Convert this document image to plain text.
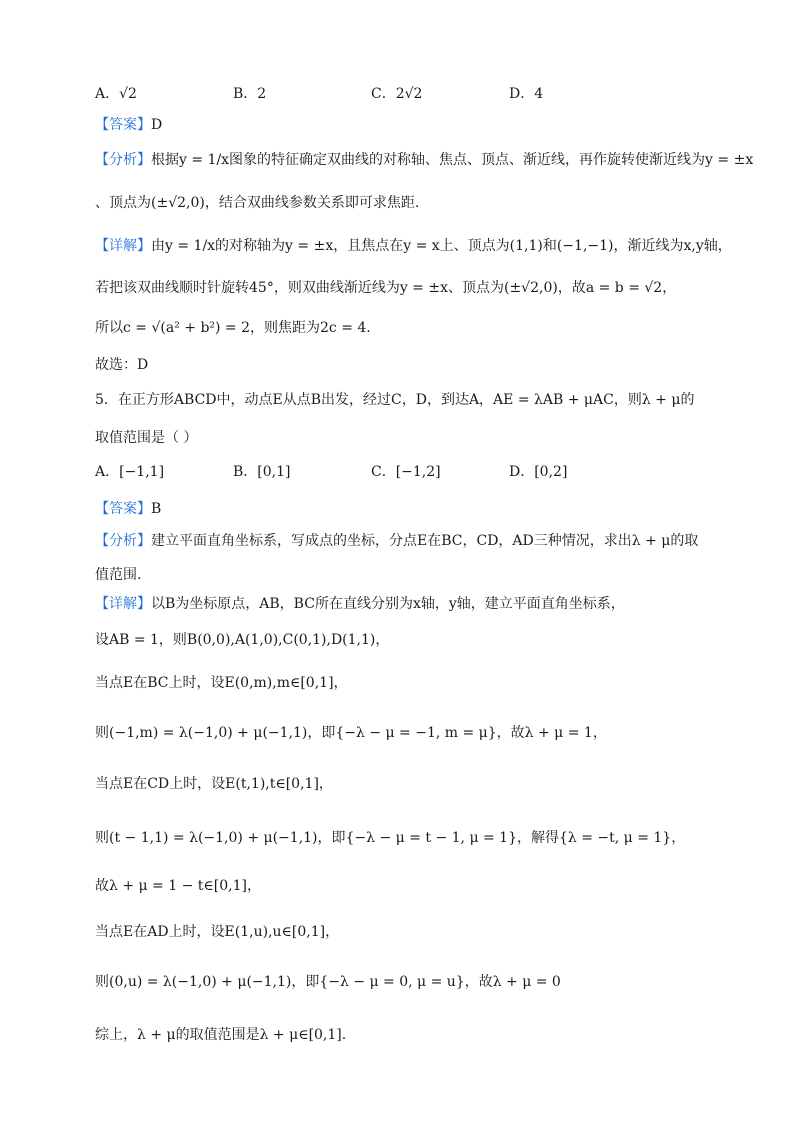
A．√2	B．2	C．2√2	D．4
【答案】D
【分析】根据y = 1/x图象的特征确定双曲线的对称轴、焦点、顶点、渐近线，再作旋转使渐近线为y = ±x
、顶点为(±√2,0)，结合双曲线参数关系即可求焦距.
【详解】由y = 1/x的对称轴为y = ±x，且焦点在y = x上、顶点为(1,1)和(−1,−1)，渐近线为x,y轴，
若把该双曲线顺时针旋转45°，则双曲线渐近线为y = ±x、顶点为(±√2,0)，故a = b = √2，
所以c = √(a² + b²) = 2，则焦距为2c = 4.
故选：D
5．在正方形ABCD中，动点E从点B出发，经过C，D，到达A，AE = λAB + μAC，则λ + μ的
取值范围是（ ）
A．[−1,1]	B．[0,1]	C．[−1,2]	D．[0,2]
【答案】B
【分析】建立平面直角坐标系，写成点的坐标，分点E在BC，CD，AD三种情况，求出λ + μ的取
值范围.
【详解】以B为坐标原点，AB，BC所在直线分别为x轴，y轴，建立平面直角坐标系，
设AB = 1，则B(0,0),A(1,0),C(0,1),D(1,1)，
当点E在BC上时，设E(0,m),m∈[0,1]，
则(−1,m) = λ(−1,0) + μ(−1,1)，即{−λ − μ = −1, m = μ}，故λ + μ = 1，
当点E在CD上时，设E(t,1),t∈[0,1]，
则(t − 1,1) = λ(−1,0) + μ(−1,1)，即{−λ − μ = t − 1, μ = 1}，解得{λ = −t, μ = 1}，
故λ + μ = 1 − t∈[0,1]，
当点E在AD上时，设E(1,u),u∈[0,1]，
则(0,u) = λ(−1,0) + μ(−1,1)，即{−λ − μ = 0, μ = u}，故λ + μ = 0
综上，λ + μ的取值范围是λ + μ∈[0,1].
